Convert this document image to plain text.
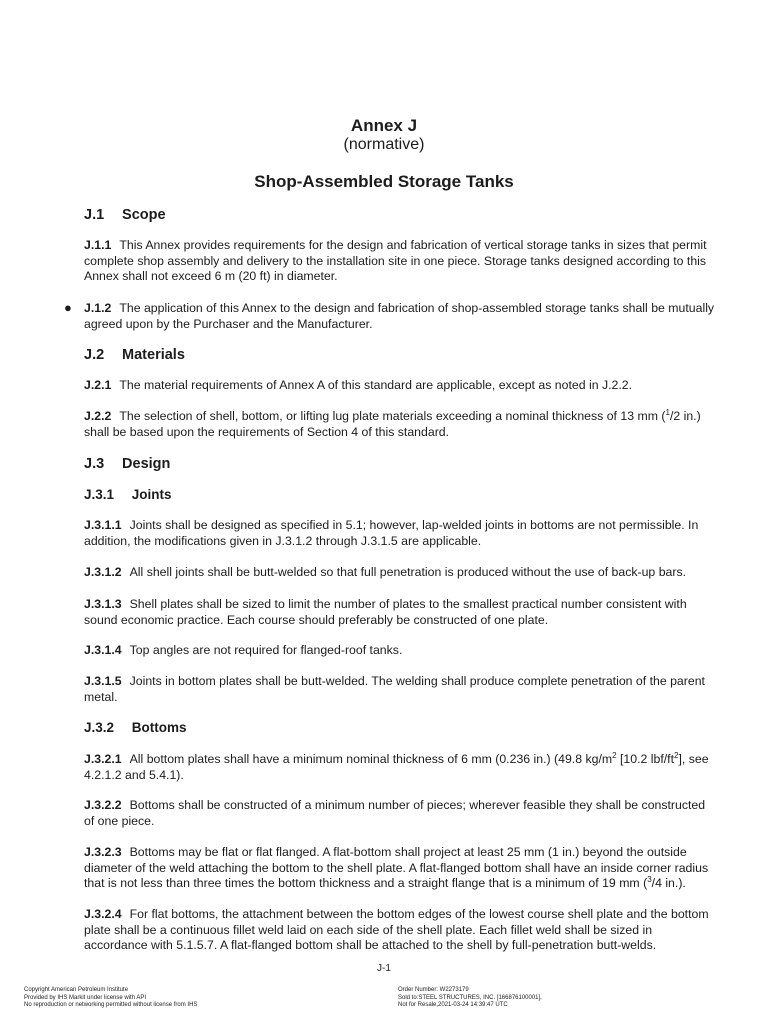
Annex J
(normative)
Shop-Assembled Storage Tanks
J.1 Scope
J.1.1 This Annex provides requirements for the design and fabrication of vertical storage tanks in sizes that permit complete shop assembly and delivery to the installation site in one piece. Storage tanks designed according to this Annex shall not exceed 6 m (20 ft) in diameter.
● J.1.2 The application of this Annex to the design and fabrication of shop-assembled storage tanks shall be mutually agreed upon by the Purchaser and the Manufacturer.
J.2 Materials
J.2.1 The material requirements of Annex A of this standard are applicable, except as noted in J.2.2.
J.2.2 The selection of shell, bottom, or lifting lug plate materials exceeding a nominal thickness of 13 mm ($^1$/2 in.) shall be based upon the requirements of Section 4 of this standard.
J.3 Design
J.3.1 Joints
J.3.1.1 Joints shall be designed as specified in 5.1; however, lap-welded joints in bottoms are not permissible. In addition, the modifications given in J.3.1.2 through J.3.1.5 are applicable.
J.3.1.2 All shell joints shall be butt-welded so that full penetration is produced without the use of back-up bars.
J.3.1.3 Shell plates shall be sized to limit the number of plates to the smallest practical number consistent with sound economic practice. Each course should preferably be constructed of one plate.
J.3.1.4 Top angles are not required for flanged-roof tanks.
J.3.1.5 Joints in bottom plates shall be butt-welded. The welding shall produce complete penetration of the parent metal.
J.3.2 Bottoms
J.3.2.1 All bottom plates shall have a minimum nominal thickness of 6 mm (0.236 in.) (49.8 $kg/m^2$ [10.2 lbf/$ft^2$], see 4.2.1.2 and 5.4.1).
J.3.2.2 Bottoms shall be constructed of a minimum number of pieces; wherever feasible they shall be constructed of one piece.
J.3.2.3 Bottoms may be flat or flat flanged. A flat-bottom shall project at least 25 mm (1 in.) beyond the outside diameter of the weld attaching the bottom to the shell plate. A flat-flanged bottom shall have an inside corner radius that is not less than three times the bottom thickness and a straight flange that is a minimum of 19 mm ($^3$/4 in.).
J.3.2.4 For flat bottoms, the attachment between the bottom edges of the lowest course shell plate and the bottom plate shall be a continuous fillet weld laid on each side of the shell plate. Each fillet weld shall be sized in accordance with 5.1.5.7. A flat-flanged bottom shall be attached to the shell by full-penetration butt-welds.
J-1
Copyright American Petroleum Institute
Provided by IHS Markit under license with API
No reproduction or networking permitted without license from IHS
Order Number: W2273179
Sold to:STEEL STRUCTURES, INC. [166876100001],
Not for Resale,2021-03-24 14:39:47 UTC
